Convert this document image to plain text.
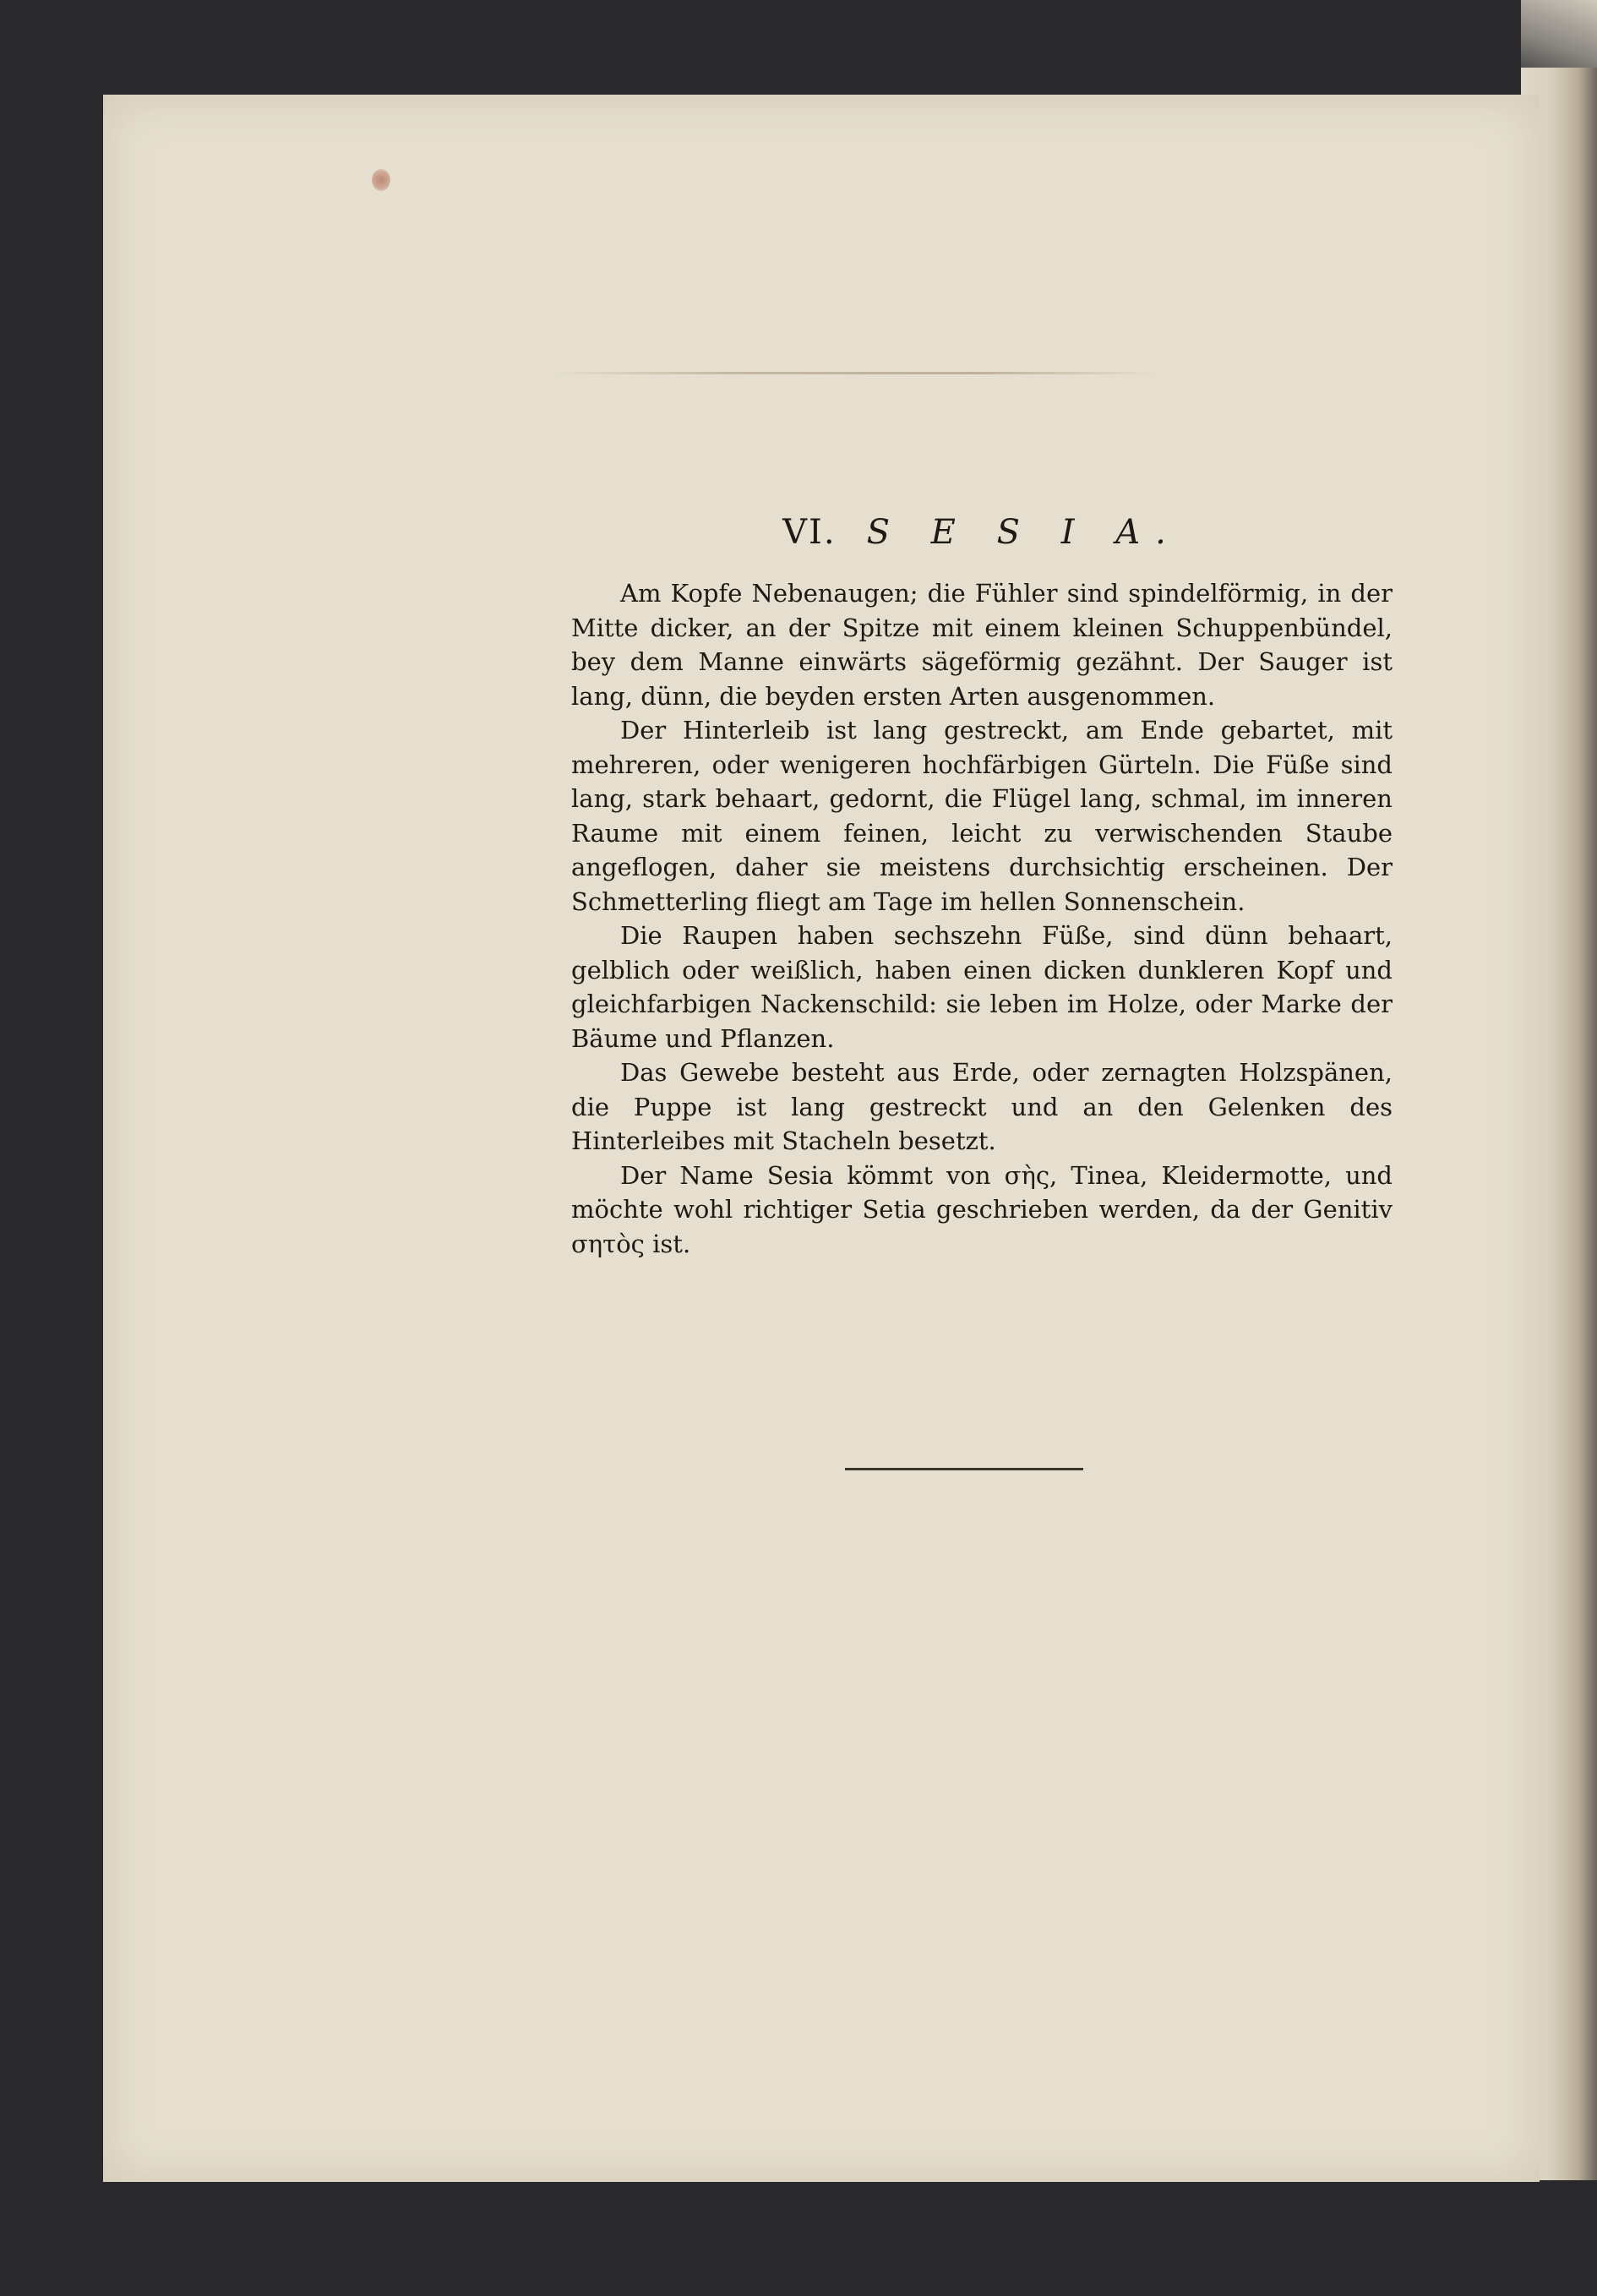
VI. S E S I A.

Am Kopfe Nebenaugen; die Fühler sind spindelförmig, in der Mitte dicker, an der Spitze mit einem kleinen Schuppenbündel, bey dem Manne einwärts sägeförmig gezähnt. Der Sauger ist lang, dünn, die beyden ersten Arten ausgenommen.

Der Hinterleib ist lang gestreckt, am Ende gebartet, mit mehreren, oder wenigeren hochfärbigen Gürteln. Die Füße sind lang, stark behaart, gedornt, die Flügel lang, schmal, im inneren Raume mit einem feinen, leicht zu verwischenden Staube angeflogen, daher sie meistens durchsichtig erscheinen. Der Schmetterling fliegt am Tage im hellen Sonnenschein.

Die Raupen haben sechszehn Füße, sind dünn behaart, gelblich oder weißlich, haben einen dicken dunkleren Kopf und gleichfarbigen Nackenschild: sie leben im Holze, oder Marke der Bäume und Pflanzen.

Das Gewebe besteht aus Erde, oder zernagten Holzspänen, die Puppe ist lang gestreckt und an den Gelenken des Hinterleibes mit Stacheln besetzt.

Der Name Sesia kömmt von σὴς, Tinea, Kleidermotte, und möchte wohl richtiger Setia geschrieben werden, da der Genitiv σητὸς ist.
